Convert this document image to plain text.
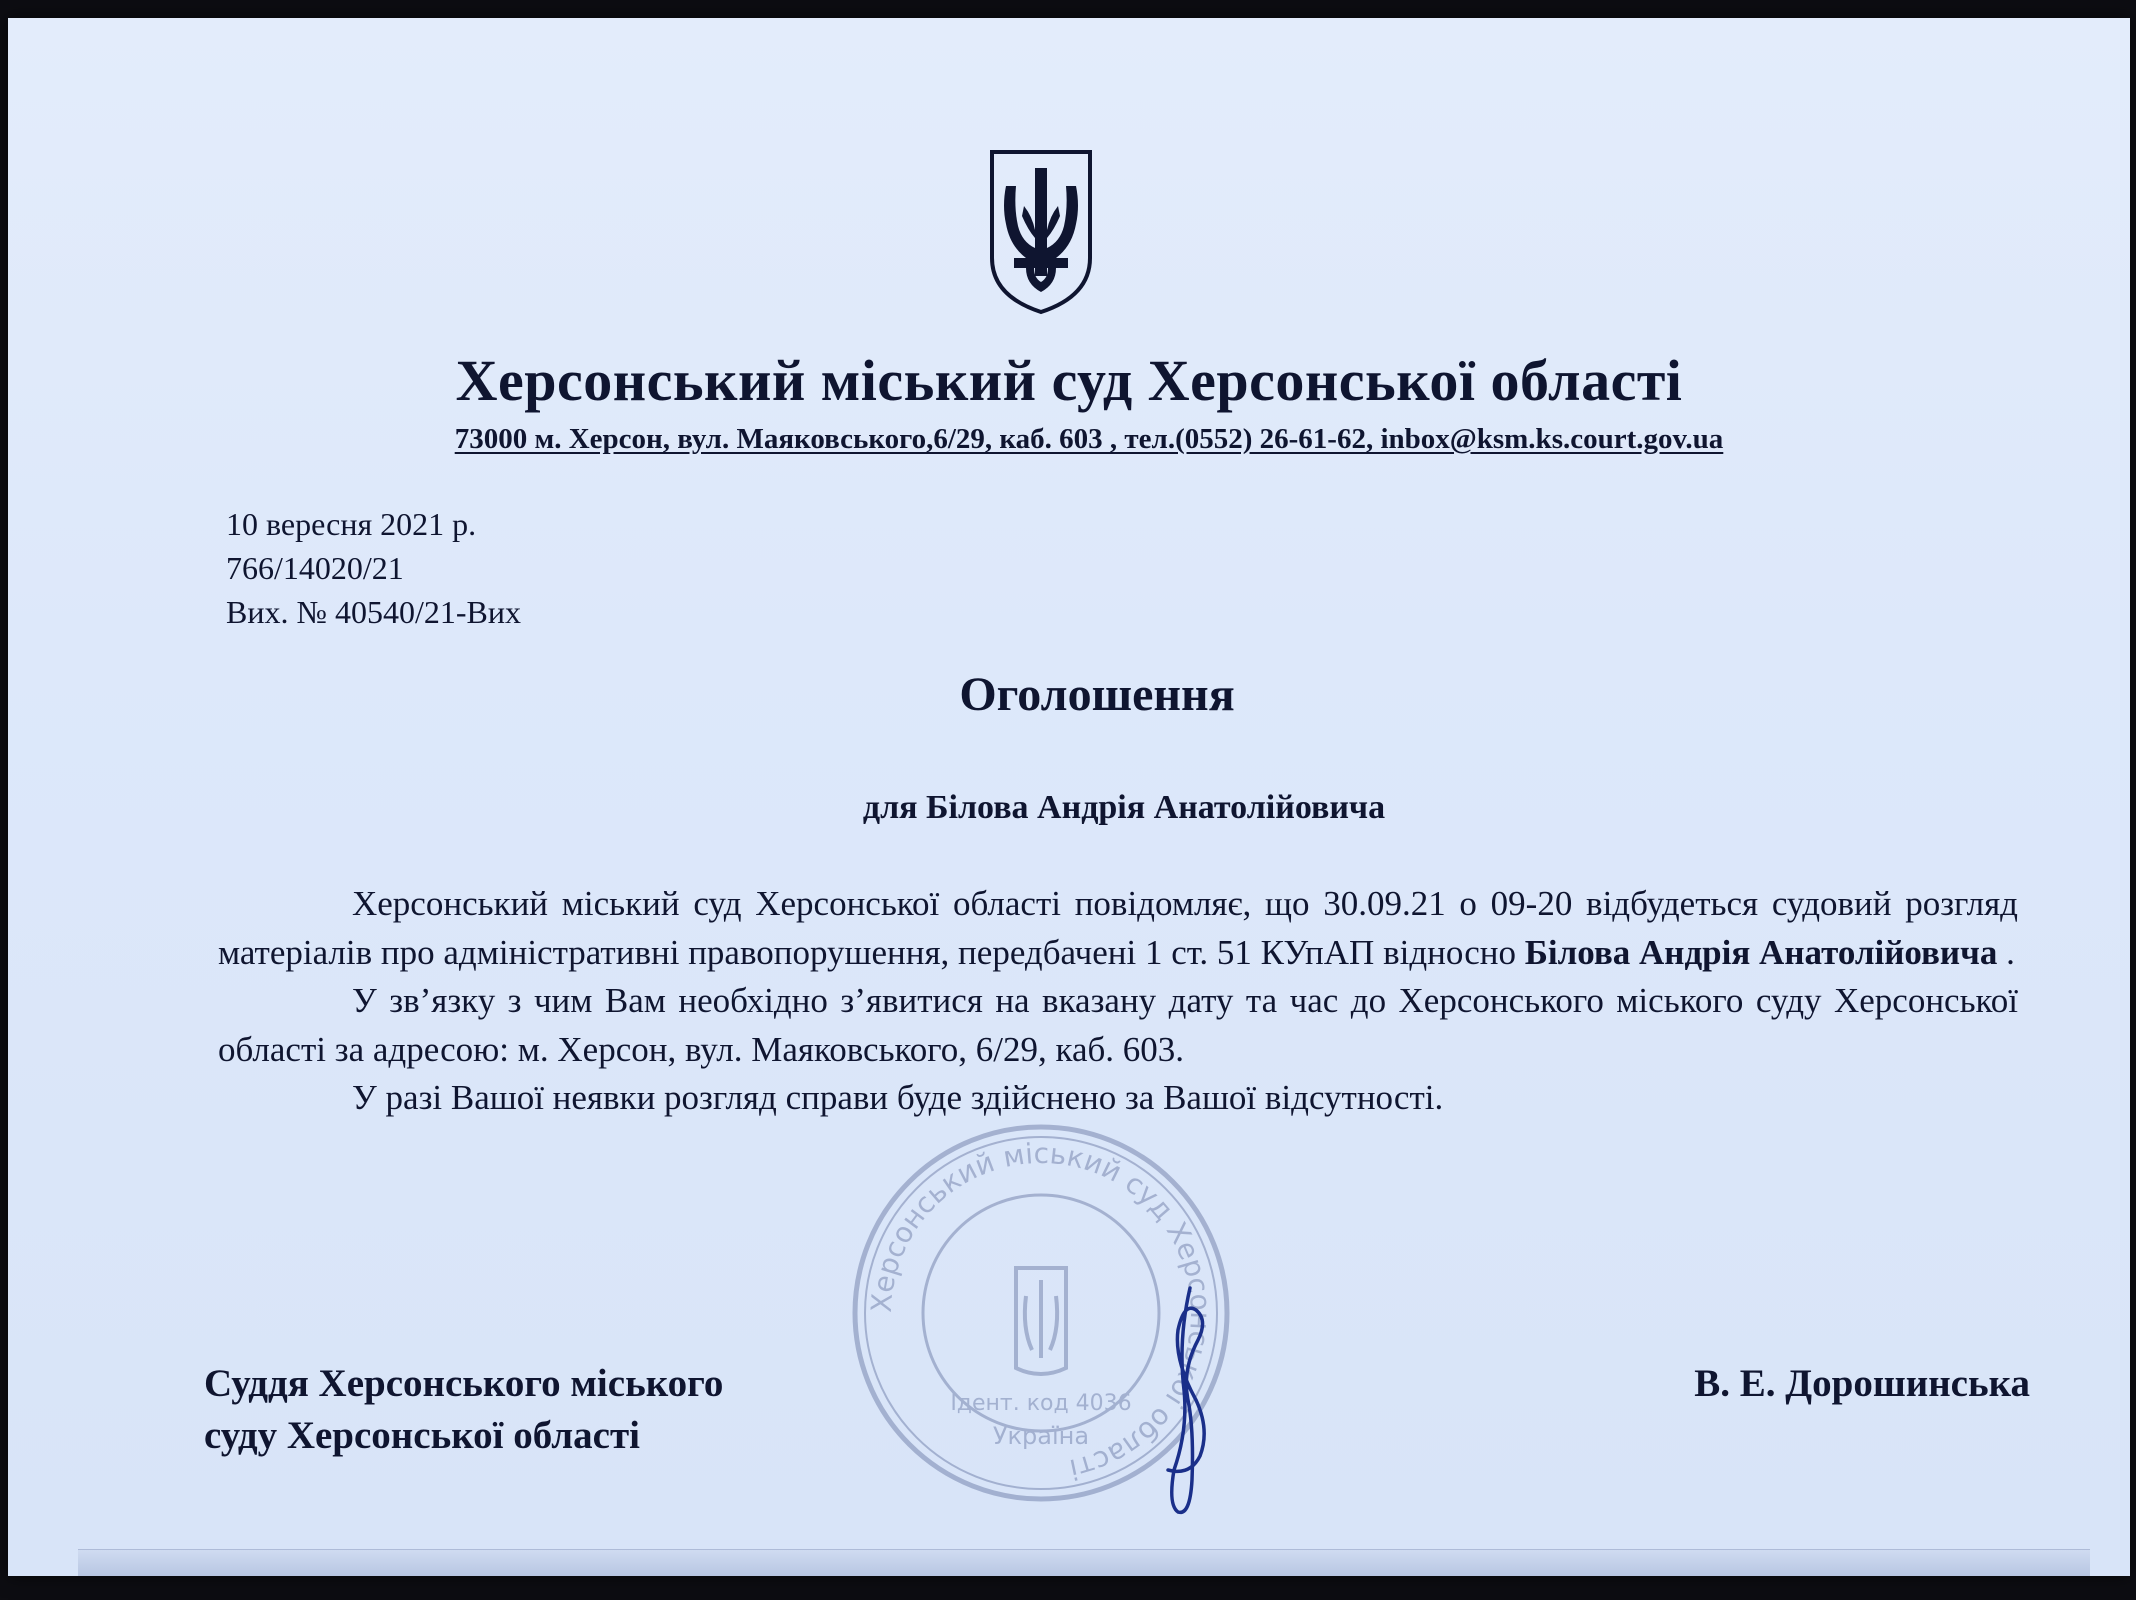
Херсонський міський суд Херсонської області
73000 м. Херсон, вул. Маяковського,6/29, каб. 603 , тел.(0552) 26-61-62, inbox@ksm.ks.court.gov.ua
10 вересня 2021 р.
766/14020/21
Вих. № 40540/21-Вих
Оголошення
для Білова Андрія Анатолійовича

Херсонський міський суд Херсонської області повідомляє, що 30.09.21 о 09-20 відбудеться судовий розгляд матеріалів про адміністративні правопорушення, передбачені 1 ст. 51 КУпАП відносно Білова Андрія Анатолійовича .

У зв’язку з чим Вам необхідно з’явитися на вказану дату та час до Херсонського міського суду Херсонської області за адресою: м. Херсон, вул. Маяковського, 6/29, каб. 603.

У разі Вашої неявки розгляд справи буде здійснено за Вашої відсутності.

Херсонський міський суд Херсонської області
Ідент. код 4036
Україна
Суддя Херсонського міського
суду Херсонської області
В. Е. Дорошинська
